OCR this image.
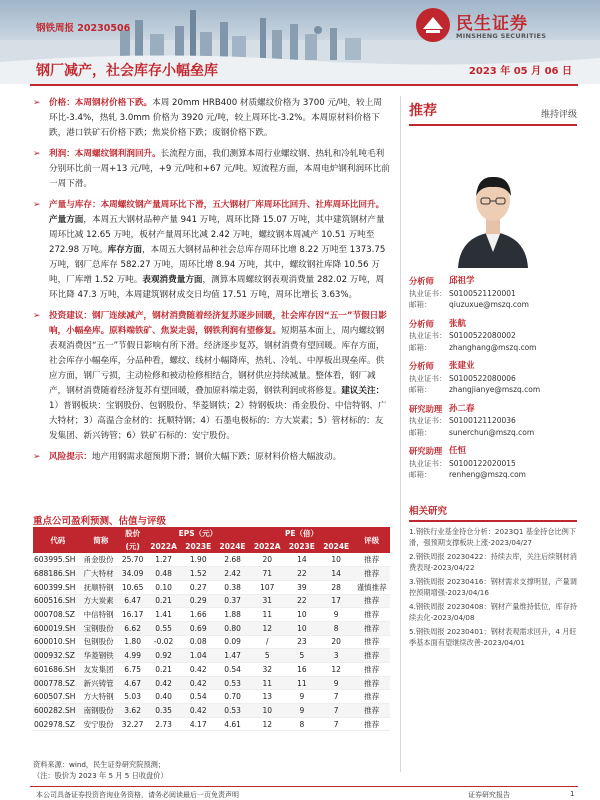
钢铁周报 20230506
钢厂减产，社会库存小幅垒库	2023 年 05 月 06 日
民生证券
MINSHENG SECURITIES
➢ 价格：本周钢材价格下跌。本周 20mm HRB400 材质螺纹价格为 3700 元/吨，较上周环比-3.4%，热轧 3.0mm 价格为 3920 元/吨，较上周环比-3.2%。本周原材料价格下跌，港口铁矿石价格下跌；焦炭价格下跌；废钢价格下跌。
➢ 利润：本周螺纹钢利润回升。长流程方面，我们测算本周行业螺纹钢、热轧和冷轧吨毛利分别环比前一周+13 元/吨，+9 元/吨和+67 元/吨。短流程方面，本周电炉钢利润环比前一周下滑。
➢ 产量与库存：本周螺纹钢产量周环比下滑，五大钢材厂库周环比回升、社库周环比回升。产量方面，本周五大钢材品种产量 941 万吨，周环比降 15.07 万吨，其中建筑钢材产量周环比减 12.65 万吨，板材产量周环比减 2.42 万吨，螺纹钢本周减产 10.51 万吨至 272.98 万吨。库存方面，本周五大钢材品种社会总库存周环比增 8.22 万吨至 1373.75 万吨，钢厂总库存 582.27 万吨，周环比增 8.94 万吨，其中，螺纹钢社库降 10.56 万吨，厂库增 1.52 万吨。表观消费量方面，测算本周螺纹钢表观消费量 282.02 万吨，周环比降 47.3 万吨，本周建筑钢材成交日均值 17.51 万吨，周环比增长 3.63%。
➢ 投资建议：钢厂连续减产，钢材消费随着经济复苏逐步回暖，社会库存因“五一”节假日影响，小幅垒库。原料端铁矿、焦炭走弱，钢铁利润有望修复。短期基本面上，周内螺纹钢表观消费因“五一”节假日影响有所下滑。经济逐步复苏，钢材消费有望回暖。库存方面，社会库存小幅垒库，分品种看，螺纹、线材小幅降库，热轧、冷轧、中厚板出现垒库。供应方面，钢厂亏损，主动检修和被动检修相结合，钢材供应持续减量。整体看，钢厂减产，钢材消费随着经济复苏有望回暖，叠加原料端走弱，钢铁利润或将修复。建议关注：1）普钢板块：宝钢股份、包钢股份、华菱钢铁；2）特钢板块：甬金股份、中信特钢、广大特材；3）高温合金材的：抚顺特钢；4）石墨电极标的：方大炭素；5）管材标的：友发集团、新兴铸管；6）铁矿石标的：安宁股份。
➢ 风险提示：地产用钢需求超预期下滑；钢价大幅下跌；原材料价格大幅波动。
推荐	维持评级
分析师	邱祖学
执业证书： S0100521120001
邮箱：	qiuzuxue@mszq.com
分析师	张航
执业证书： S0100522080002
邮箱：	zhanghang@mszq.com
分析师	张建业
执业证书： S0100522080006
邮箱：	zhangjianye@mszq.com
研究助理 孙二春
执业证书： S0100121120036
邮箱：	sunerchun@mszq.com
研究助理 任恒
执业证书： S0100122020015
邮箱：	renheng@mszq.com
相关研究
1.钢铁行业基金持仓分析：2023Q1 基金持仓比例下滑，强预期支撑板块上涨-2023/04/27
2.钢铁周报 20230422：持续去库，关注后续钢材消费表现-2023/04/22
3.钢铁周报 20230416：钢材需求支撑明显，产量调控预期增强-2023/04/16
4.钢铁周报 20230408：钢材产量维持低位，库存持续去化-2023/04/08
5.钢铁周报 20230401：钢材表观需求回升，4 月旺季基本面有望继续改善-2023/04/01
重点公司盈利预测、估值与评级
代码	简称	股价	EPS（元）			PE（倍）			评级
		(元)	2022A	2023E	2024E	2022A	2023E	2024E	
603995.SH	甬金股份	25.70	1.27	1.90	2.68	20	14	10	推荐
688186.SH	广大特材	34.09	0.48	1.52	2.42	71	22	14	推荐
600399.SH	抚顺特钢	10.65	0.10	0.27	0.38	107	39	28	谨慎推荐
600516.SH	方大炭素	6.47	0.21	0.29	0.37	31	22	17	推荐
000708.SZ	中信特钢	16.17	1.41	1.66	1.88	11	10	9	推荐
600019.SH	宝钢股份	6.62	0.55	0.69	0.80	12	10	8	推荐
600010.SH	包钢股份	1.80	-0.02	0.08	0.09	/	23	20	推荐
000932.SZ	华菱钢铁	4.99	0.92	1.04	1.47	5	5	3	推荐
601686.SH	友发集团	6.75	0.21	0.42	0.54	32	16	12	推荐
000778.SZ	新兴铸管	4.67	0.42	0.42	0.53	11	11	9	推荐
600507.SH	方大特钢	5.03	0.40	0.54	0.70	13	9	7	推荐
600282.SH	南钢股份	3.62	0.35	0.42	0.53	10	9	7	推荐
002978.SZ	安宁股份	32.27	2.73	4.17	4.61	12	8	7	推荐
资料来源：wind，民生证券研究院预测；
（注：股价为 2023 年 5 月 5 日收盘价）
本公司具备证券投资咨询业务资格，请务必阅读最后一页免责声明	证券研究报告	1
